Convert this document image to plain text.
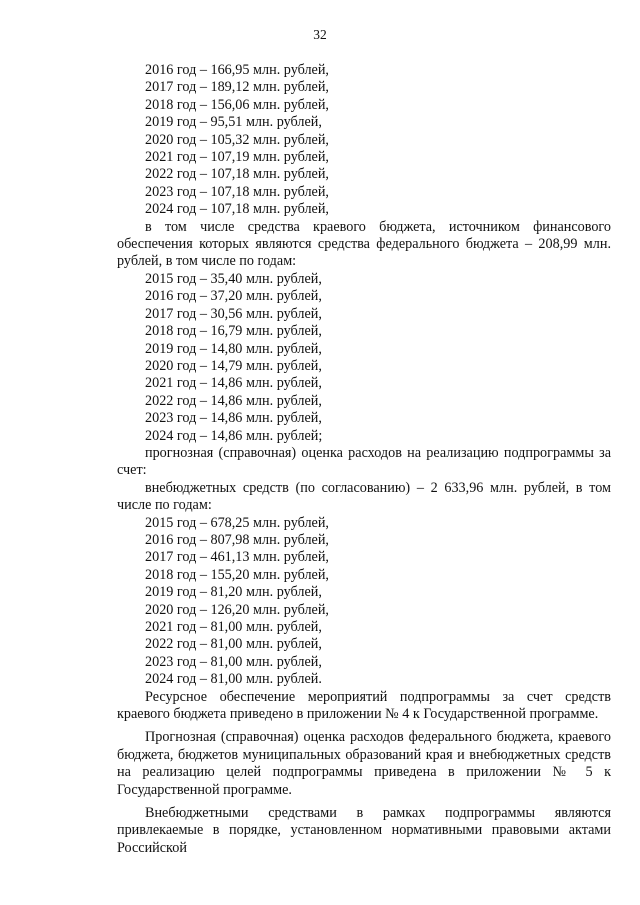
32

2016 год – 166,95 млн. рублей,

2017 год – 189,12 млн. рублей,

2018 год – 156,06 млн. рублей,

2019 год – 95,51 млн. рублей,

2020 год – 105,32 млн. рублей,

2021 год – 107,19 млн. рублей,

2022 год – 107,18 млн. рублей,

2023 год – 107,18 млн. рублей,

2024 год – 107,18 млн. рублей,

в том числе средства краевого бюджета, источником финансового обеспечения которых являются средства федерального бюджета – 208,99 млн. рублей, в том числе по годам:

2015 год – 35,40 млн. рублей,

2016 год – 37,20 млн. рублей,

2017 год – 30,56 млн. рублей,

2018 год – 16,79 млн. рублей,

2019 год – 14,80 млн. рублей,

2020 год – 14,79 млн. рублей,

2021 год – 14,86 млн. рублей,

2022 год – 14,86 млн. рублей,

2023 год – 14,86 млн. рублей,

2024 год – 14,86 млн. рублей;

прогнозная (справочная) оценка расходов на реализацию подпрограммы за счет:

внебюджетных средств (по согласованию) – 2 633,96 млн. рублей, в том числе по годам:

2015 год – 678,25 млн. рублей,

2016 год – 807,98 млн. рублей,

2017 год – 461,13 млн. рублей,

2018 год – 155,20 млн. рублей,

2019 год – 81,20 млн. рублей,

2020 год – 126,20 млн. рублей,

2021 год – 81,00 млн. рублей,

2022 год – 81,00 млн. рублей,

2023 год – 81,00 млн. рублей,

2024 год – 81,00 млн. рублей.

Ресурсное обеспечение мероприятий подпрограммы за счет средств краевого бюджета приведено в приложении № 4 к Государственной программе.

Прогнозная (справочная) оценка расходов федерального бюджета, краевого бюджета, бюджетов муниципальных образований края и внебюджетных средств на реализацию целей подпрограммы приведена в приложении № 5 к Государственной программе.

Внебюджетными средствами в рамках подпрограммы являются привлекаемые в порядке, установленном нормативными правовыми актами Российской
